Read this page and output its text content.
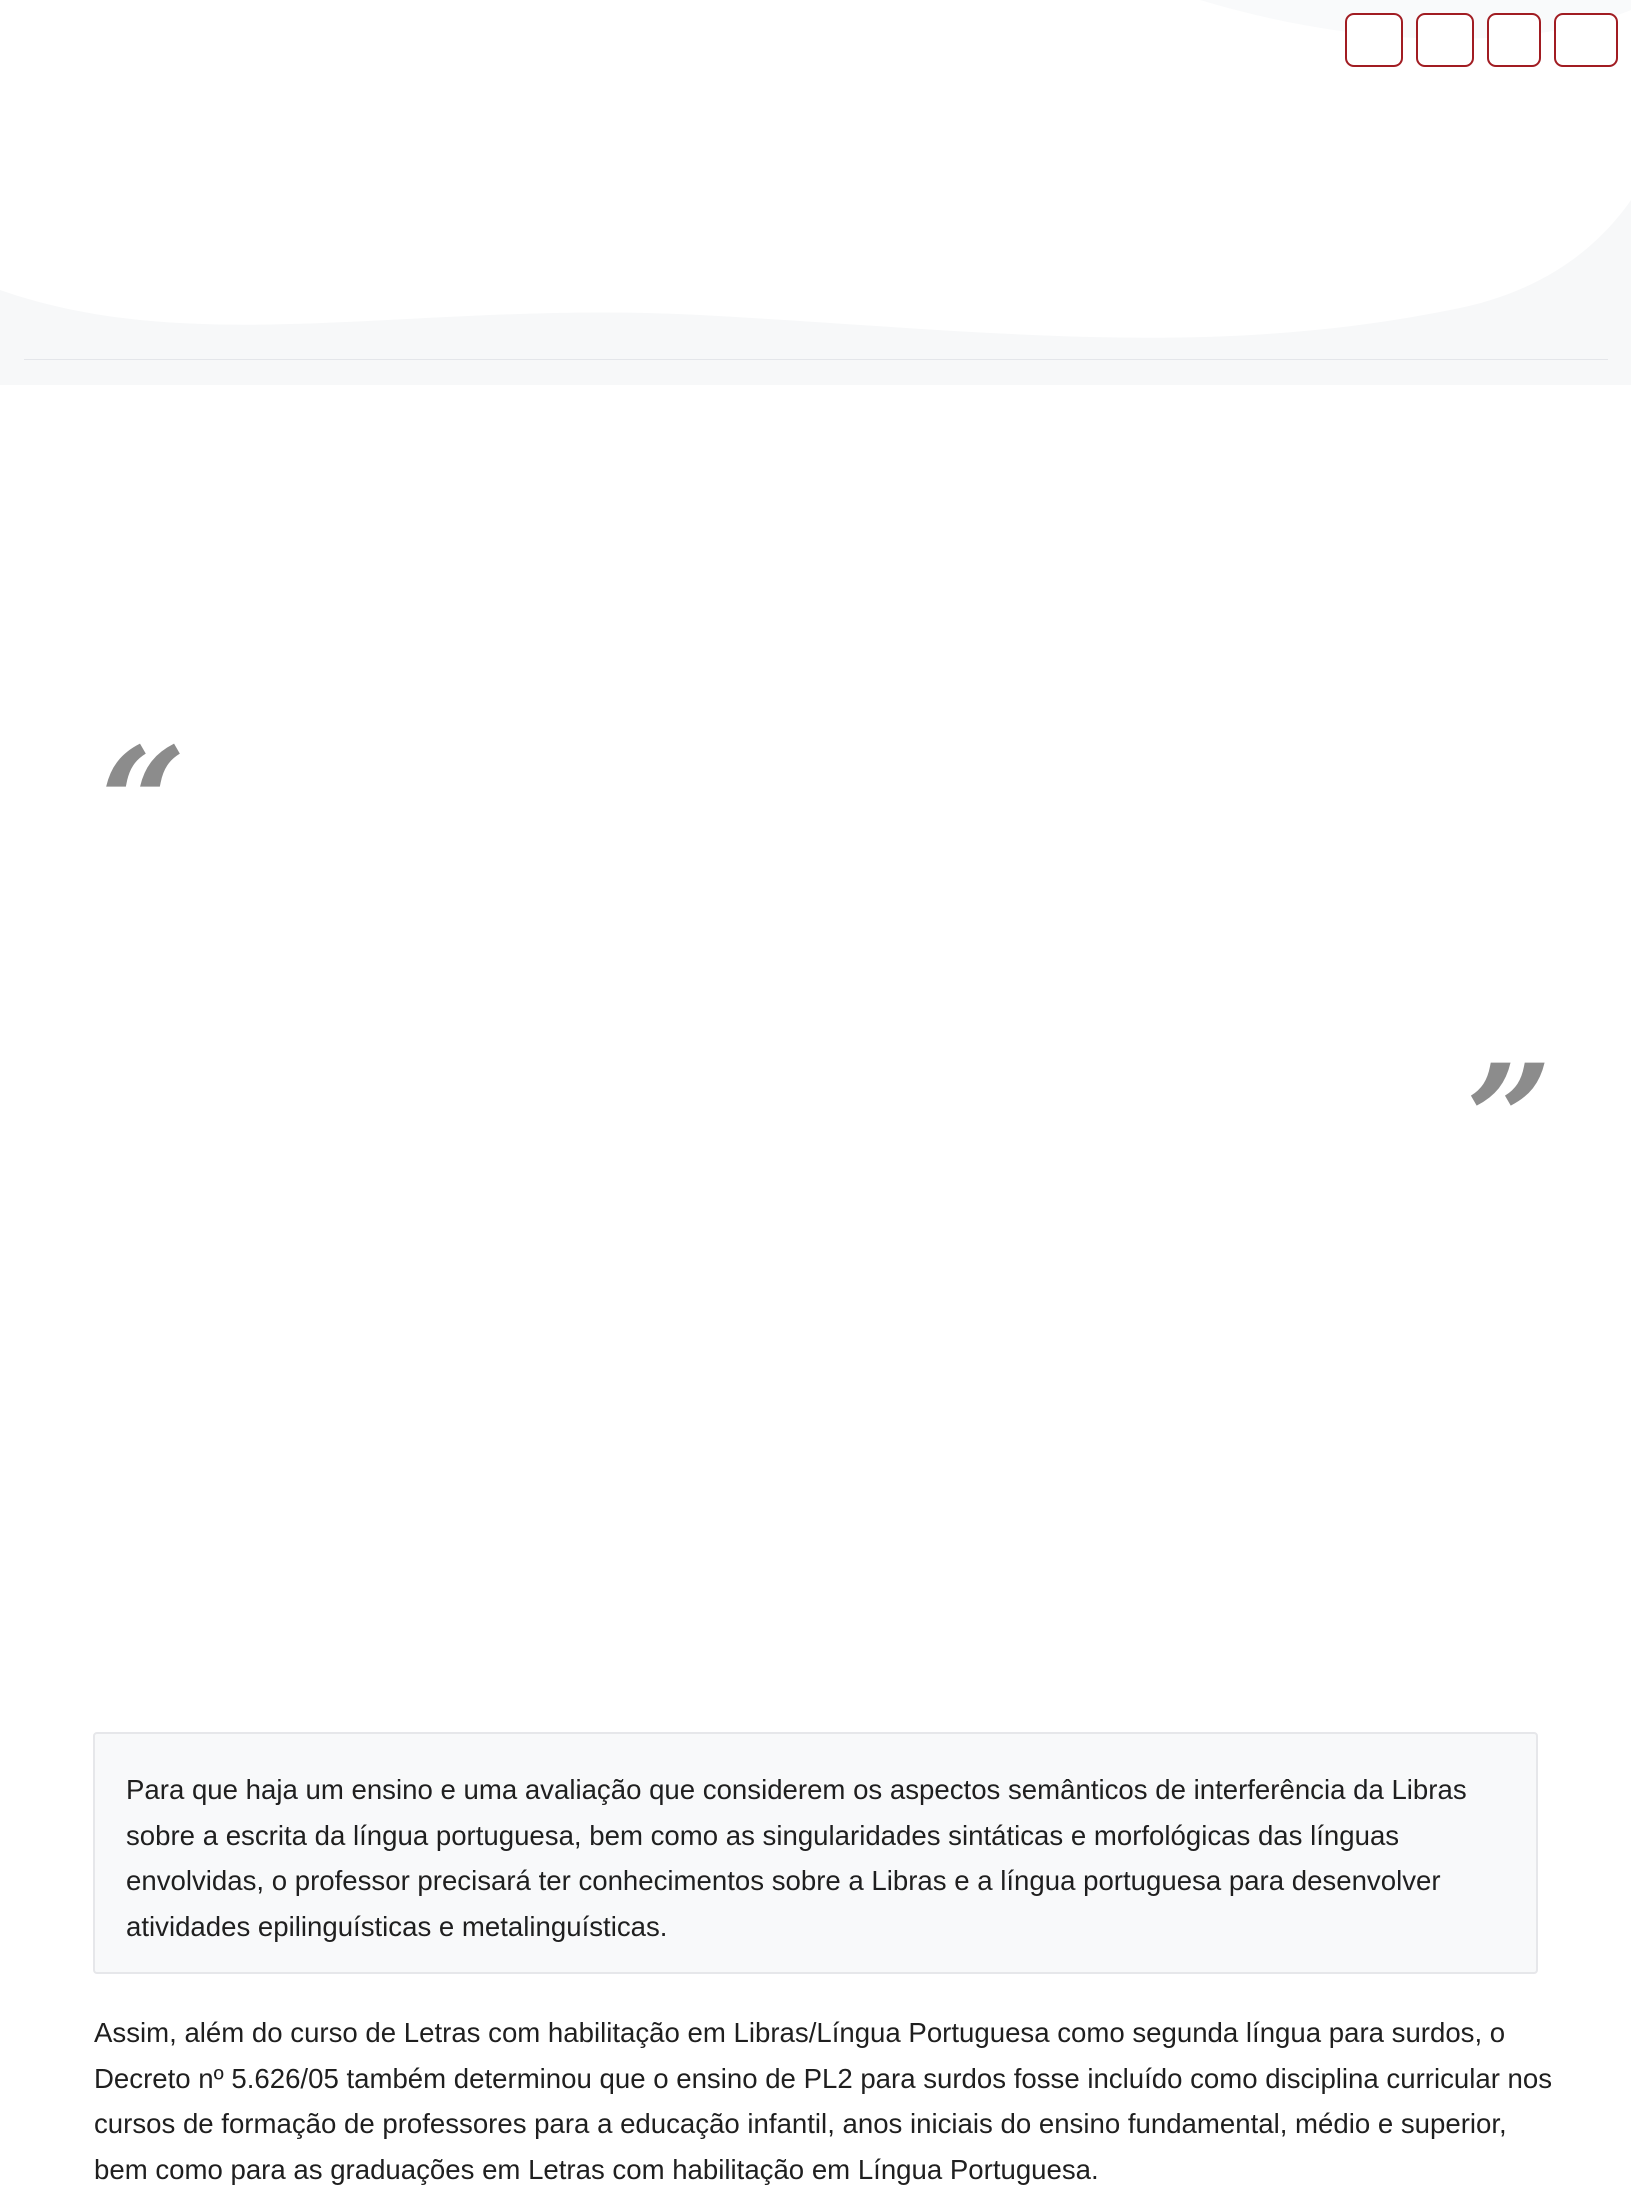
“
”

Para que haja um ensino e uma avaliação que considerem os aspectos semânticos de interferência da Libras sobre a escrita da língua portuguesa, bem como as singularidades sintáticas e morfológicas das línguas envolvidas, o professor precisará ter conhecimentos sobre a Libras e a língua portuguesa para desenvolver atividades epilinguísticas e metalinguísticas.

Assim, além do curso de Letras com habilitação em Libras/Língua Portuguesa como segunda língua para surdos, o Decreto nº 5.626/05 também determinou que o ensino de PL2 para surdos fosse incluído como disciplina curricular nos cursos de formação de professores para a educação infantil, anos iniciais do ensino fundamental, médio e superior, bem como para as graduações em Letras com habilitação em Língua Portuguesa.
